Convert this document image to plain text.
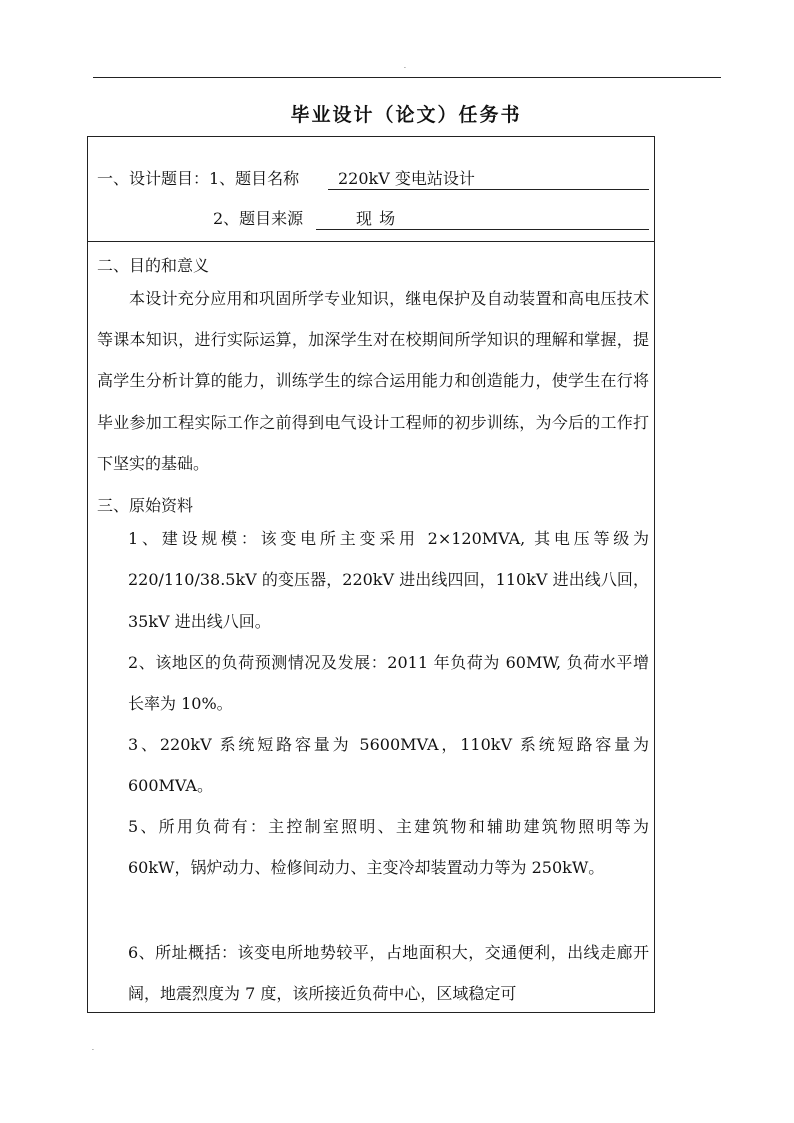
.
毕业设计（论文）任务书
一、设计题目：1、题目名称	220kV 变电站设计
2、题目来源	现 场
二、目的和意义
本设计充分应用和巩固所学专业知识，继电保护及自动装置和高电压技术等课本知识，进行实际运算，加深学生对在校期间所学知识的理解和掌握，提高学生分析计算的能力，训练学生的综合运用能力和创造能力，使学生在行将毕业参加工程实际工作之前得到电气设计工程师的初步训练，为今后的工作打下坚实的基础。
三、原始资料
1、建设规模：该变电所主变采用 2×120MVA, 其电压等级为 220/110/38.5kV 的变压器，220kV 进出线四回，110kV 进出线八回，35kV 进出线八回。
2、该地区的负荷预测情况及发展：2011 年负荷为 60MW, 负荷水平增长率为 10%。
3、220kV 系统短路容量为 5600MVA，110kV 系统短路容量为 600MVA。
5、所用负荷有：主控制室照明、主建筑物和辅助建筑物照明等为 60kW，锅炉动力、检修间动力、主变冷却装置动力等为 250kW。
6、所址概括：该变电所地势较平，占地面积大，交通便利，出线走廊开阔，地震烈度为 7 度，该所接近负荷中心，区域稳定可
.
